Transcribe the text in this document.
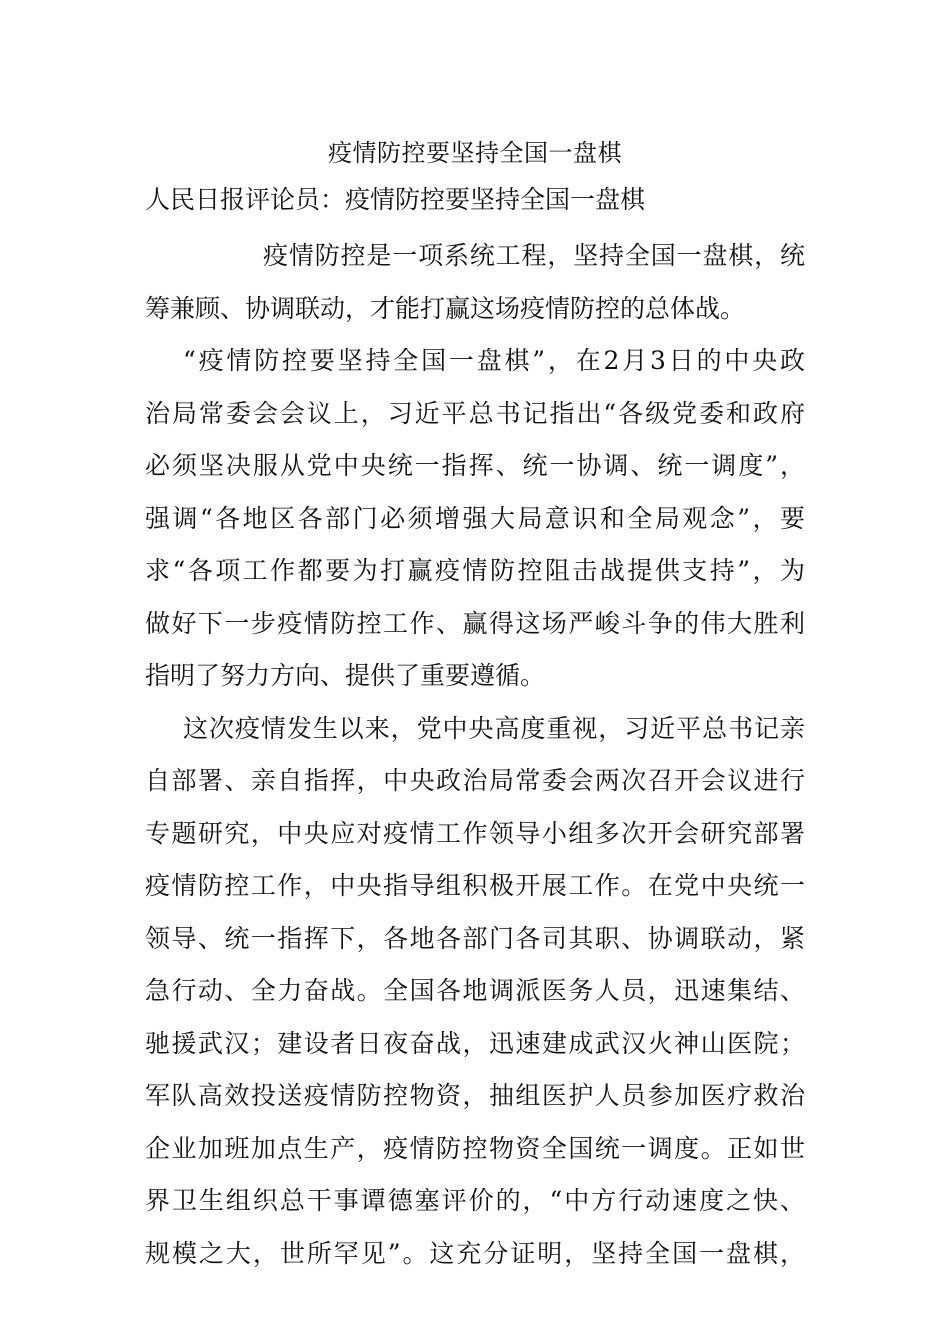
疫情防控要坚持全国一盘棋
人民日报评论员：疫情防控要坚持全国一盘棋

疫情防控是一项系统工程，坚持全国一盘棋，统
筹兼顾、协调联动，才能打赢这场疫情防控的总体战。

“疫情防控要坚持全国一盘棋”，在2月3日的中央政
治局常委会会议上，习近平总书记指出“各级党委和政府
必须坚决服从党中央统一指挥、统一协调、统一调度”，
强调“各地区各部门必须增强大局意识和全局观念”，要
求“各项工作都要为打赢疫情防控阻击战提供支持”，为
做好下一步疫情防控工作、赢得这场严峻斗争的伟大胜利
指明了努力方向、提供了重要遵循。

这次疫情发生以来，党中央高度重视，习近平总书记亲
自部署、亲自指挥，中央政治局常委会两次召开会议进行
专题研究，中央应对疫情工作领导小组多次开会研究部署
疫情防控工作，中央指导组积极开展工作。在党中央统一
领导、统一指挥下，各地各部门各司其职、协调联动，紧
急行动、全力奋战。全国各地调派医务人员，迅速集结、
驰援武汉；建设者日夜奋战，迅速建成武汉火神山医院；
军队高效投送疫情防控物资，抽组医护人员参加医疗救治
企业加班加点生产，疫情防控物资全国统一调度。正如世
界卫生组织总干事谭德塞评价的，“中方行动速度之快、
规模之大，世所罕见”。这充分证明，坚持全国一盘棋，
